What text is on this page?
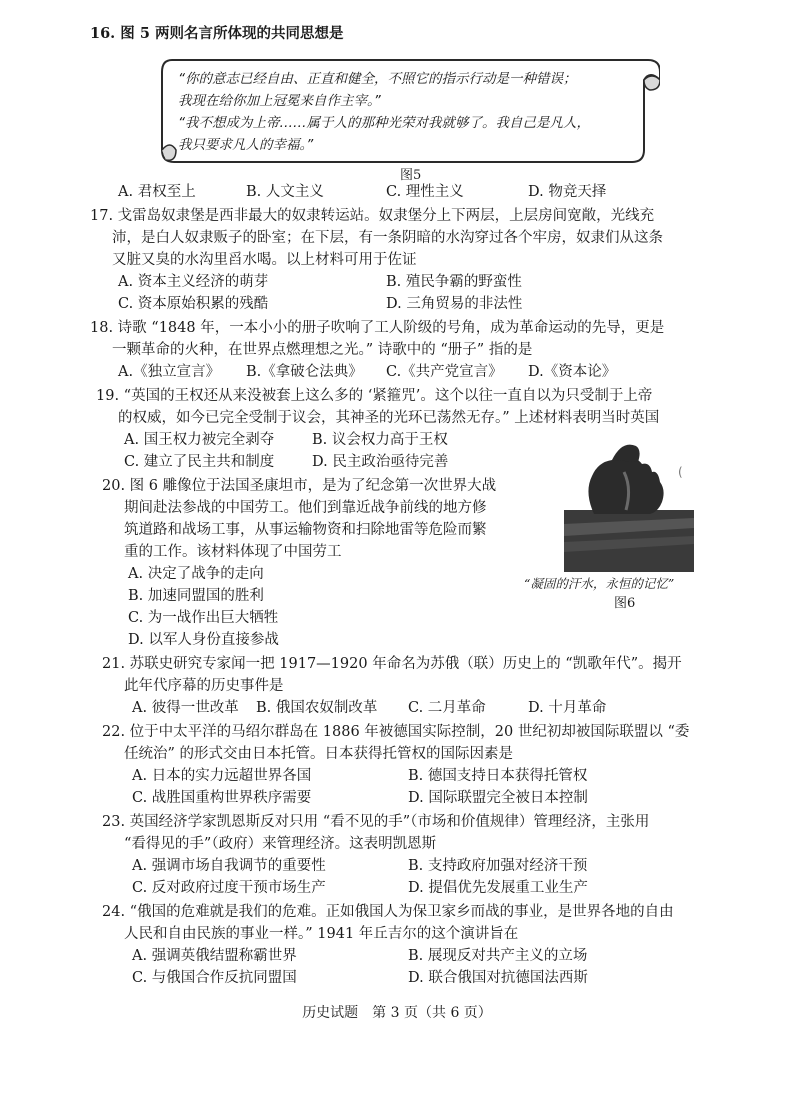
16. 图 5 两则名言所体现的共同思想是
“你的意志已经自由、正直和健全，不照它的指示行动是一种错误；
我现在给你加上冠冕来自作主宰。”
“我不想成为上帝……属于人的那种光荣对我就够了。我自己是凡人，
我只要求凡人的幸福。”
图5
A. 君权至上	B. 人文主义	C. 理性主义	D. 物竞天择
17. 戈雷岛奴隶堡是西非最大的奴隶转运站。奴隶堡分上下两层，上层房间宽敞，光线充
沛，是白人奴隶贩子的卧室；在下层，有一条阴暗的水沟穿过各个牢房，奴隶们从这条
又脏又臭的水沟里舀水喝。以上材料可用于佐证
A. 资本主义经济的萌芽	B. 殖民争霸的野蛮性
C. 资本原始积累的残酷	D. 三角贸易的非法性
18. 诗歌 “1848 年，一本小小的册子吹响了工人阶级的号角，成为革命运动的先导，更是
一颗革命的火种，在世界点燃理想之光。” 诗歌中的 “册子” 指的是
A.《独立宣言》 B.《拿破仑法典》 C.《共产党宣言》 D.《资本论》
19. “英国的王权还从来没被套上这么多的 ‘紧箍咒’。这个以往一直自以为只受制于上帝
的权威，如今已完全受制于议会，其神圣的光环已荡然无存。” 上述材料表明当时英国
A. 国王权力被完全剥夺	B. 议会权力高于王权
C. 建立了民主共和制度	D. 民主政治亟待完善
20. 图 6 雕像位于法国圣康坦市，是为了纪念第一次世界大战
期间赴法参战的中国劳工。他们到靠近战争前线的地方修
筑道路和战场工事，从事运输物资和扫除地雷等危险而繁
重的工作。该材料体现了中国劳工
A. 决定了战争的走向
B. 加速同盟国的胜利
C. 为一战作出巨大牺牲
D. 以军人身份直接参战
(
“凝固的汗水，永恒的记忆”
图6
21. 苏联史研究专家闻一把 1917—1920 年命名为苏俄（联）历史上的 “凯歌年代”。揭开
此年代序幕的历史事件是
A. 彼得一世改革 B. 俄国农奴制改革 C. 二月革命	D. 十月革命
22. 位于中太平洋的马绍尔群岛在 1886 年被德国实际控制，20 世纪初却被国际联盟以 “委
任统治” 的形式交由日本托管。日本获得托管权的国际因素是
A. 日本的实力远超世界各国	B. 德国支持日本获得托管权
C. 战胜国重构世界秩序需要	D. 国际联盟完全被日本控制
23. 英国经济学家凯恩斯反对只用 “看不见的手”（市场和价值规律）管理经济，主张用
“看得见的手”（政府）来管理经济。这表明凯恩斯
A. 强调市场自我调节的重要性	B. 支持政府加强对经济干预
C. 反对政府过度干预市场生产	D. 提倡优先发展重工业生产
24. “俄国的危难就是我们的危难。正如俄国人为保卫家乡而战的事业，是世界各地的自由
人民和自由民族的事业一样。” 1941 年丘吉尔的这个演讲旨在
A. 强调英俄结盟称霸世界	B. 展现反对共产主义的立场
C. 与俄国合作反抗同盟国	D. 联合俄国对抗德国法西斯
历史试题　第 3 页（共 6 页）
